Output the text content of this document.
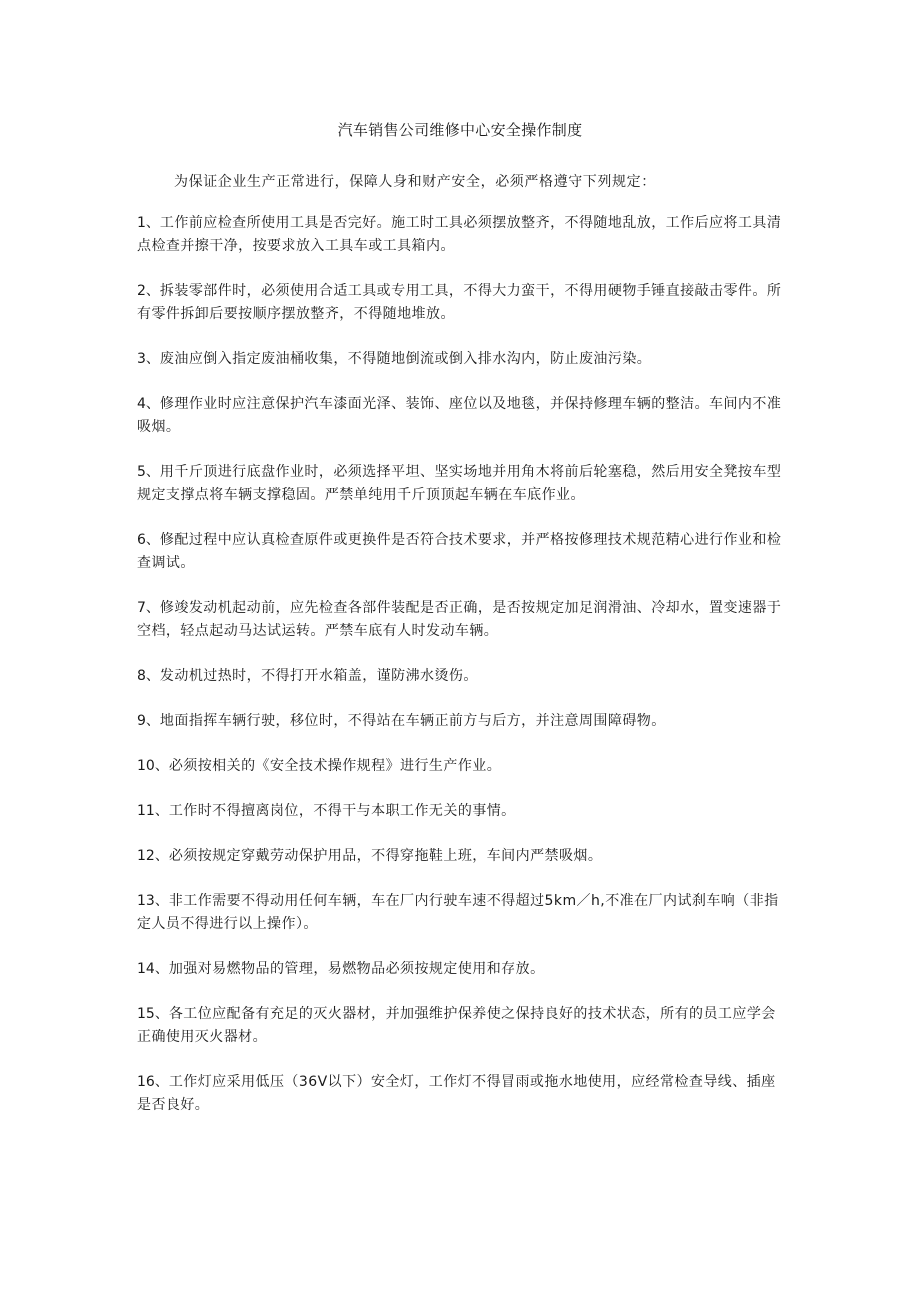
汽车销售公司维修中心安全操作制度

为保证企业生产正常进行，保障人身和财产安全，必须严格遵守下列规定：

1、工作前应检查所使用工具是否完好。施工时工具必须摆放整齐，不得随地乱放，工作后应将工具清点检查并擦干净，按要求放入工具车或工具箱内。
2、拆装零部件时，必须使用合适工具或专用工具，不得大力蛮干，不得用硬物手锤直接敲击零件。所有零件拆卸后要按顺序摆放整齐，不得随地堆放。
3、废油应倒入指定废油桶收集，不得随地倒流或倒入排水沟内，防止废油污染。
4、修理作业时应注意保护汽车漆面光泽、装饰、座位以及地毯，并保持修理车辆的整洁。车间内不准吸烟。
5、用千斤顶进行底盘作业时，必须选择平坦、坚实场地并用角木将前后轮塞稳，然后用安全凳按车型规定支撑点将车辆支撑稳固。严禁单纯用千斤顶顶起车辆在车底作业。
6、修配过程中应认真检查原件或更换件是否符合技术要求，并严格按修理技术规范精心进行作业和检查调试。
7、修竣发动机起动前，应先检查各部件装配是否正确，是否按规定加足润滑油、冷却水，置变速器于空档，轻点起动马达试运转。严禁车底有人时发动车辆。
8、发动机过热时，不得打开水箱盖，谨防沸水烫伤。
9、地面指挥车辆行驶，移位时，不得站在车辆正前方与后方，并注意周围障碍物。
10、必须按相关的《安全技术操作规程》进行生产作业。
11、工作时不得擅离岗位，不得干与本职工作无关的事情。
12、必须按规定穿戴劳动保护用品，不得穿拖鞋上班，车间内严禁吸烟。
13、非工作需要不得动用任何车辆，车在厂内行驶车速不得超过5km／h,不准在厂内试刹车响（非指定人员不得进行以上操作）。
14、加强对易燃物品的管理，易燃物品必须按规定使用和存放。
15、各工位应配备有充足的灭火器材，并加强维护保养使之保持良好的技术状态，所有的员工应学会正确使用灭火器材。
16、工作灯应采用低压（36V以下）安全灯，工作灯不得冒雨或拖水地使用，应经常检查导线、插座是否良好。
